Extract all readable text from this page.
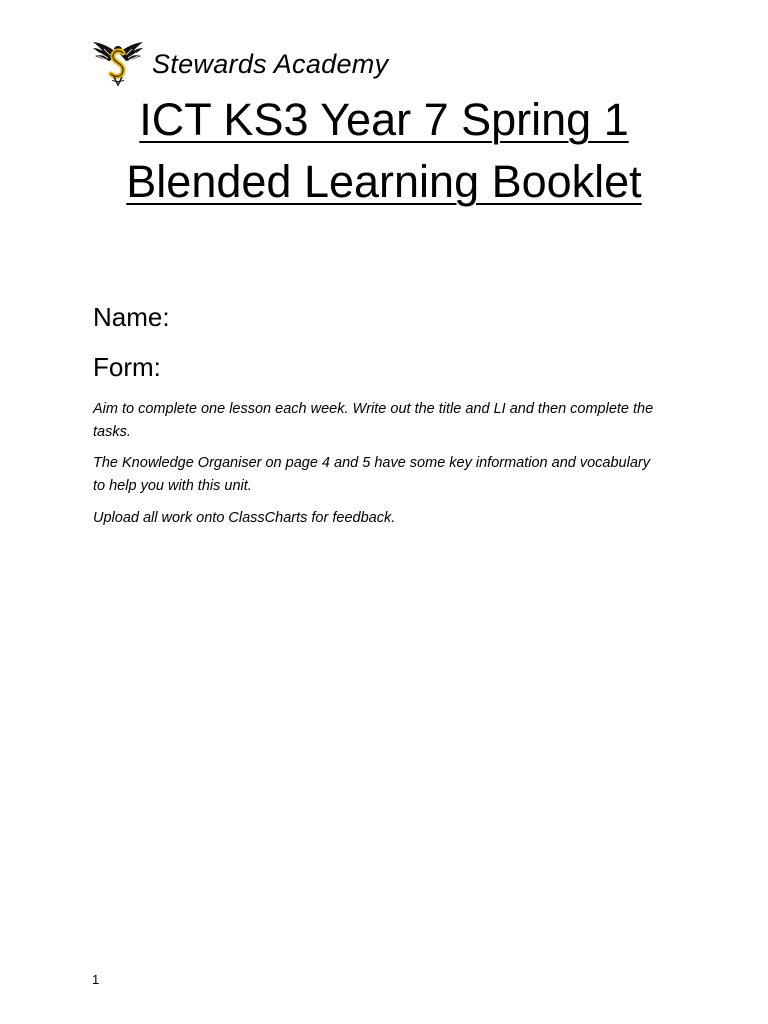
Stewards Academy
ICT KS3 Year 7 Spring 1
Blended Learning Booklet
Name:
Form:
Aim to complete one lesson each week. Write out the title and LI and then complete the tasks.
The Knowledge Organiser on page 4 and 5 have some key information and vocabulary to help you with this unit.
Upload all work onto ClassCharts for feedback.
1
